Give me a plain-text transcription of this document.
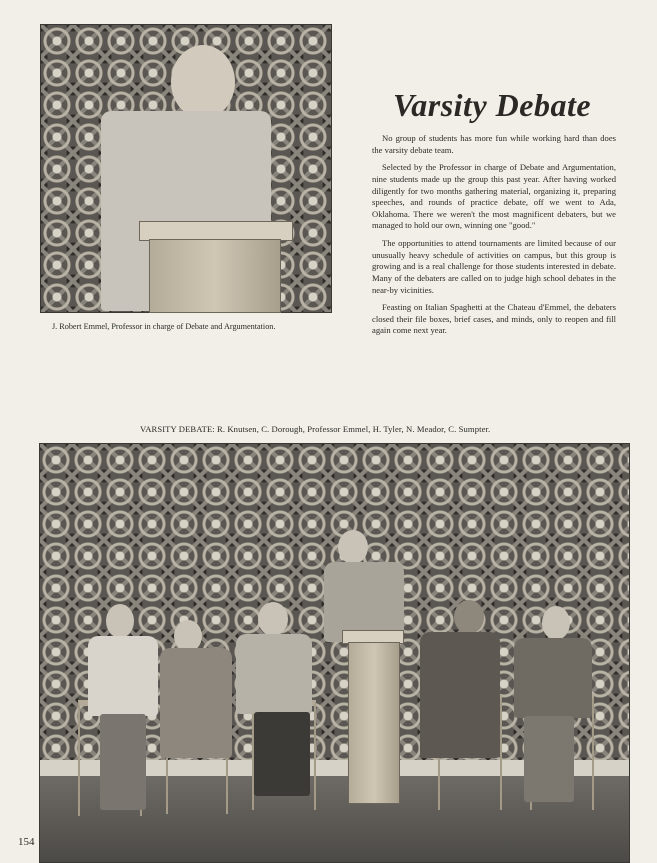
Varsity Debate

No group of students has more fun while working hard than does the varsity debate team.

Selected by the Professor in charge of Debate and Argumentation, nine students made up the group this past year. After having worked diligently for two months gathering material, organizing it, preparing speeches, and rounds of practice debate, off we went to Ada, Oklahoma. There we weren't the most magnificent debaters, but we managed to hold our own, winning one "good."

The opportunities to attend tournaments are limited because of our unusually heavy schedule of activities on campus, but this group is growing and is a real challenge for those students interested in debate. Many of the debaters are called on to judge high school debates in the near-by vicinities.

Feasting on Italian Spaghetti at the Chateau d'Emmel, the debaters closed their file boxes, brief cases, and minds, only to reopen and fill again come next year.

J. Robert Emmel, Professor in charge of Debate and Argumentation.
VARSITY DEBATE: R. Knutsen, C. Dorough, Professor Emmel, H. Tyler, N. Meador, C. Sumpter.
154
